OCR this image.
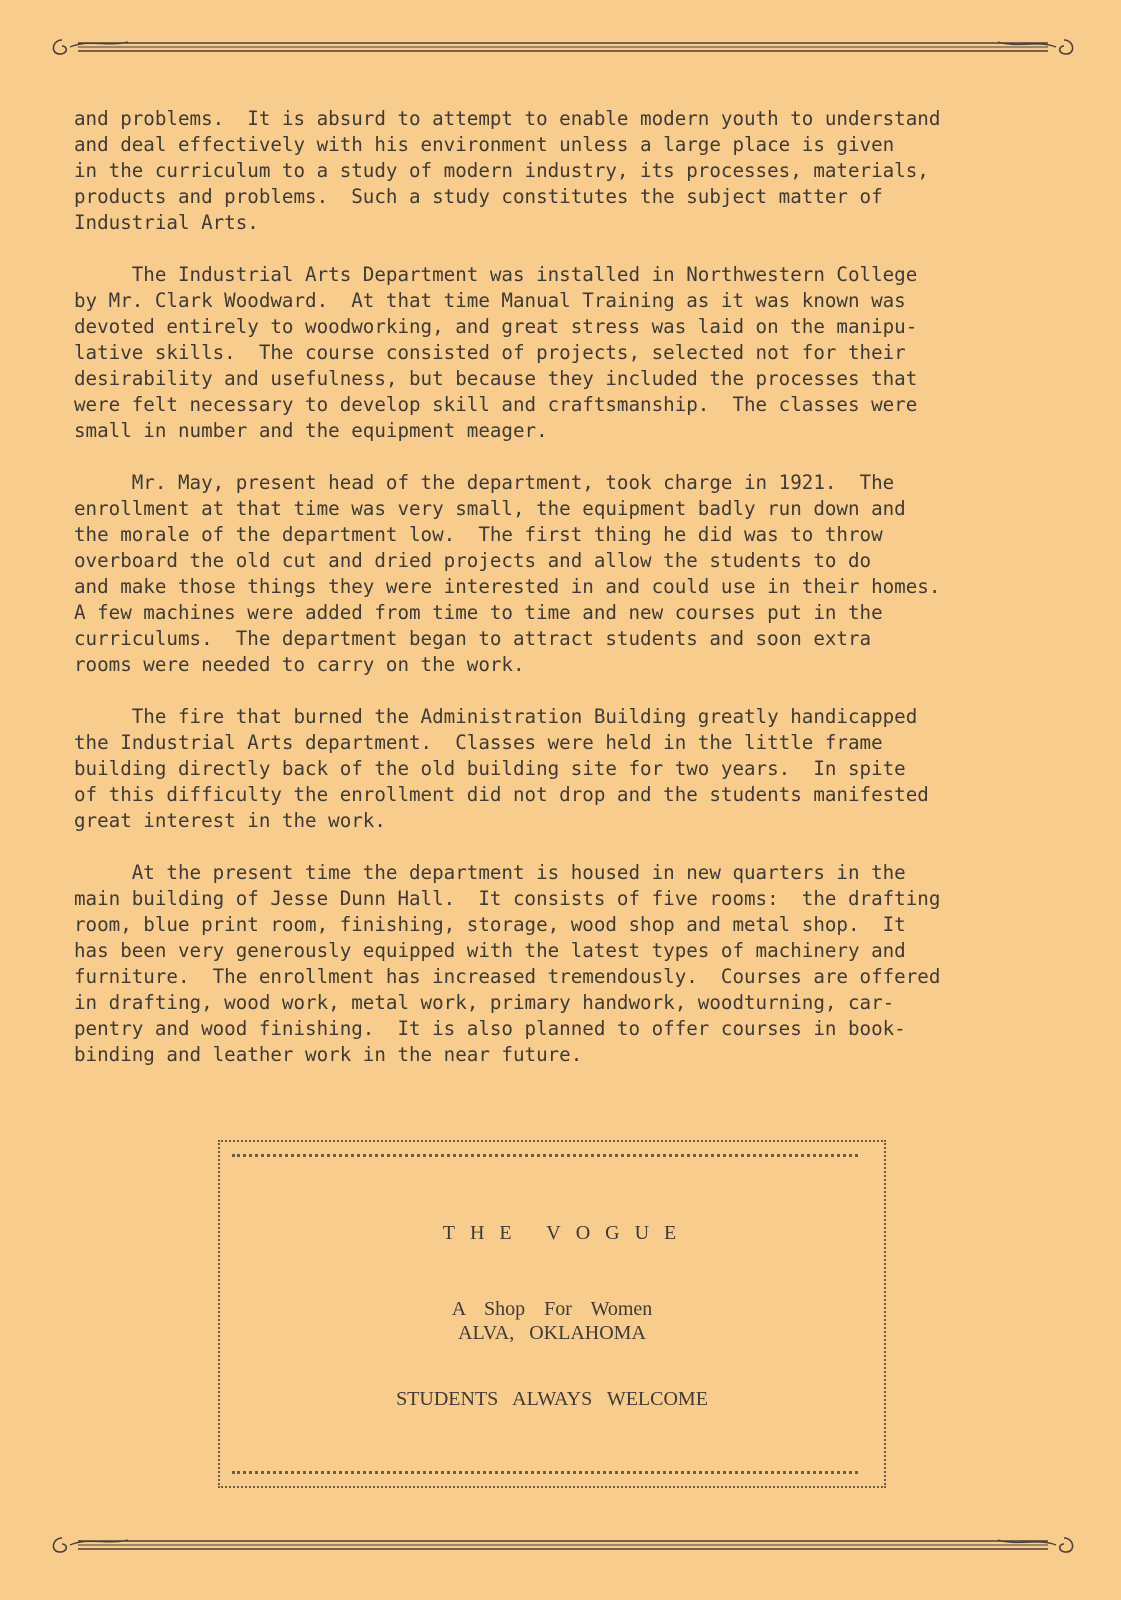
and problems.  It is absurd to attempt to enable modern youth to understand
and deal effectively with his environment unless a large place is given
in the curriculum to a study of modern industry, its processes, materials,
products and problems.  Such a study constitutes the subject matter of
Industrial Arts.

The Industrial Arts Department was installed in Northwestern College
by Mr. Clark Woodward.  At that time Manual Training as it was known was
devoted entirely to woodworking, and great stress was laid on the manipu-
lative skills.  The course consisted of projects, selected not for their
desirability and usefulness, but because they included the processes that
were felt necessary to develop skill and craftsmanship.  The classes were
small in number and the equipment meager.

Mr. May, present head of the department, took charge in 1921.  The
enrollment at that time was very small, the equipment badly run down and
the morale of the department low.  The first thing he did was to throw
overboard the old cut and dried projects and allow the students to do
and make those things they were interested in and could use in their homes.
A few machines were added from time to time and new courses put in the
curriculums.  The department began to attract students and soon extra
rooms were needed to carry on the work.

The fire that burned the Administration Building greatly handicapped
the Industrial Arts department.  Classes were held in the little frame
building directly back of the old building site for two years.  In spite
of this difficulty the enrollment did not drop and the students manifested
great interest in the work.

At the present time the department is housed in new quarters in the
main building of Jesse Dunn Hall.  It consists of five rooms:  the drafting
room, blue print room, finishing, storage, wood shop and metal shop.  It
has been very generously equipped with the latest types of machinery and
furniture.  The enrollment has increased tremendously.  Courses are offered
in drafting, wood work, metal work, primary handwork, woodturning, car-
pentry and wood finishing.  It is also planned to offer courses in book-
binding and leather work in the near future.

THE VOGUE
A Shop For Women
ALVA, OKLAHOMA
STUDENTS ALWAYS WELCOME
